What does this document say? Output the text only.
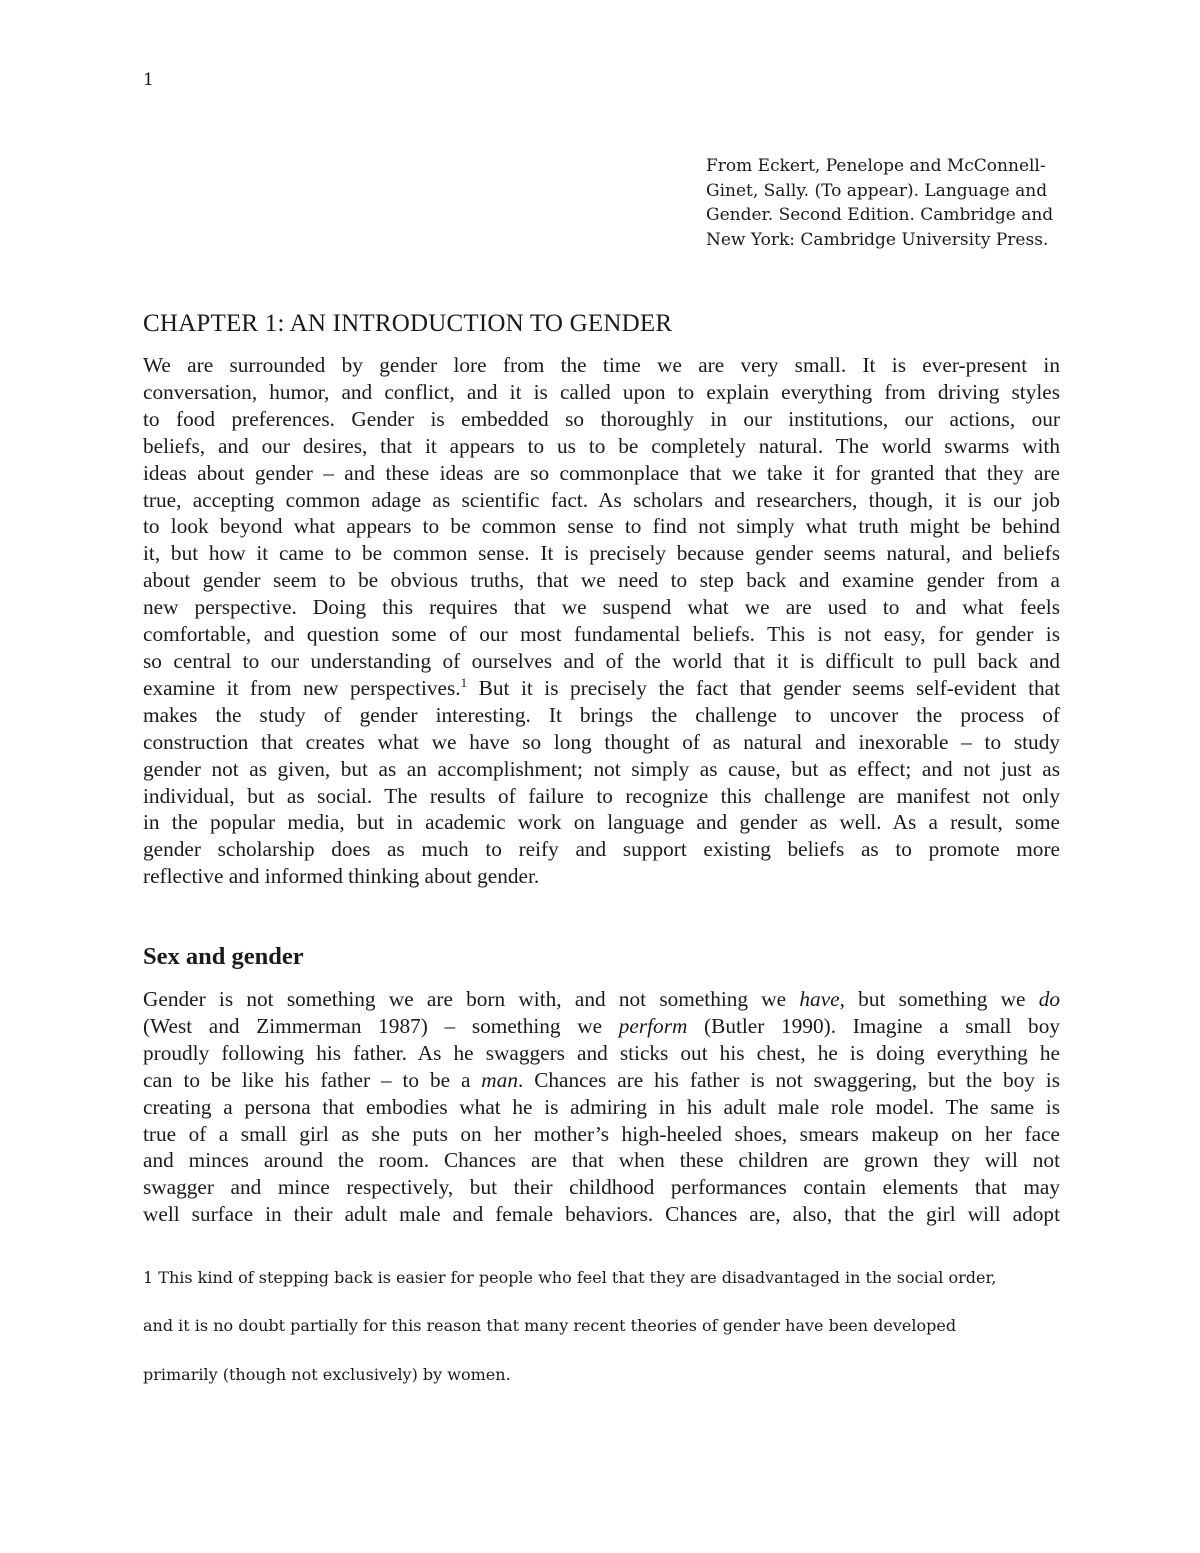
1
From Eckert, Penelope and McConnell-
Ginet, Sally. (To appear). Language and
Gender. Second Edition. Cambridge and
New York: Cambridge University Press.
CHAPTER 1: AN INTRODUCTION TO GENDER

We are surrounded by gender lore from the time we are very small. It is ever-present in
conversation, humor, and conflict, and it is called upon to explain everything from driving styles
to food preferences. Gender is embedded so thoroughly in our institutions, our actions, our
beliefs, and our desires, that it appears to us to be completely natural. The world swarms with
ideas about gender – and these ideas are so commonplace that we take it for granted that they are
true, accepting common adage as scientific fact. As scholars and researchers, though, it is our job
to look beyond what appears to be common sense to find not simply what truth might be behind
it, but how it came to be common sense. It is precisely because gender seems natural, and beliefs
about gender seem to be obvious truths, that we need to step back and examine gender from a
new perspective. Doing this requires that we suspend what we are used to and what feels
comfortable, and question some of our most fundamental beliefs. This is not easy, for gender is
so central to our understanding of ourselves and of the world that it is difficult to pull back and
examine it from new perspectives.$^1$ But it is precisely the fact that gender seems self-evident that
makes the study of gender interesting. It brings the challenge to uncover the process of
construction that creates what we have so long thought of as natural and inexorable – to study
gender not as given, but as an accomplishment; not simply as cause, but as effect; and not just as
individual, but as social. The results of failure to recognize this challenge are manifest not only
in the popular media, but in academic work on language and gender as well. As a result, some
gender scholarship does as much to reify and support existing beliefs as to promote more
reflective and informed thinking about gender.

Sex and gender

Gender is not something we are born with, and not something we have, but something we do
(West and Zimmerman 1987) – something we perform (Butler 1990). Imagine a small boy
proudly following his father. As he swaggers and sticks out his chest, he is doing everything he
can to be like his father – to be a man. Chances are his father is not swaggering, but the boy is
creating a persona that embodies what he is admiring in his adult male role model. The same is
true of a small girl as she puts on her mother’s high-heeled shoes, smears makeup on her face
and minces around the room. Chances are that when these children are grown they will not
swagger and mince respectively, but their childhood performances contain elements that may
well surface in their adult male and female behaviors. Chances are, also, that the girl will adopt

1 This kind of stepping back is easier for people who feel that they are disadvantaged in the social order,
and it is no doubt partially for this reason that many recent theories of gender have been developed
primarily (though not exclusively) by women.
